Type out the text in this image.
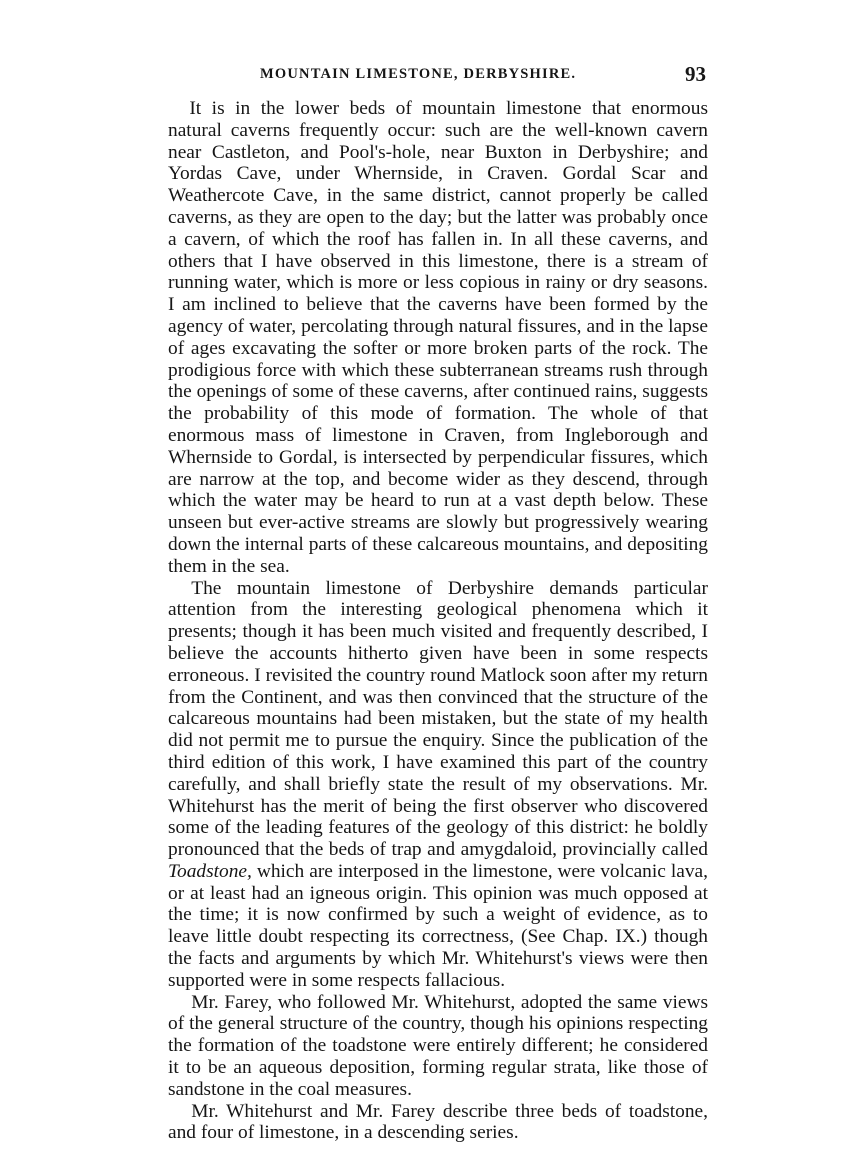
MOUNTAIN LIMESTONE, DERBYSHIRE.	93

It is in the lower beds of mountain limestone that enormous natural caverns frequently occur: such are the well-known cavern near Castleton, and Pool's-hole, near Buxton in Derbyshire; and Yordas Cave, under Whernside, in Craven. Gordal Scar and Weathercote Cave, in the same district, cannot properly be called caverns, as they are open to the day; but the latter was probably once a cavern, of which the roof has fallen in. In all these caverns, and others that I have observed in this limestone, there is a stream of running water, which is more or less copious in rainy or dry seasons. I am inclined to believe that the caverns have been formed by the agency of water, percolating through natural fissures, and in the lapse of ages excavating the softer or more broken parts of the rock. The prodigious force with which these subterranean streams rush through the openings of some of these caverns, after continued rains, suggests the probability of this mode of formation. The whole of that enormous mass of limestone in Craven, from Ingleborough and Whernside to Gordal, is intersected by perpendicular fissures, which are narrow at the top, and become wider as they descend, through which the water may be heard to run at a vast depth below. These unseen but ever-active streams are slowly but progressively wearing down the internal parts of these calcareous mountains, and depositing them in the sea.

The mountain limestone of Derbyshire demands particular attention from the interesting geological phenomena which it presents; though it has been much visited and frequently described, I believe the accounts hitherto given have been in some respects erroneous. I revisited the country round Matlock soon after my return from the Continent, and was then convinced that the structure of the calcareous mountains had been mistaken, but the state of my health did not permit me to pursue the enquiry. Since the publication of the third edition of this work, I have examined this part of the country carefully, and shall briefly state the result of my observations. Mr. Whitehurst has the merit of being the first observer who discovered some of the leading features of the geology of this district: he boldly pronounced that the beds of trap and amygdaloid, provincially called Toadstone, which are interposed in the limestone, were volcanic lava, or at least had an igneous origin. This opinion was much opposed at the time; it is now confirmed by such a weight of evidence, as to leave little doubt respecting its correctness, (See Chap. IX.) though the facts and arguments by which Mr. Whitehurst's views were then supported were in some respects fallacious.

Mr. Farey, who followed Mr. Whitehurst, adopted the same views of the general structure of the country, though his opinions respecting the formation of the toadstone were entirely different; he considered it to be an aqueous deposition, forming regular strata, like those of sandstone in the coal measures.

Mr. Whitehurst and Mr. Farey describe three beds of toadstone, and four of limestone, in a descending series.
